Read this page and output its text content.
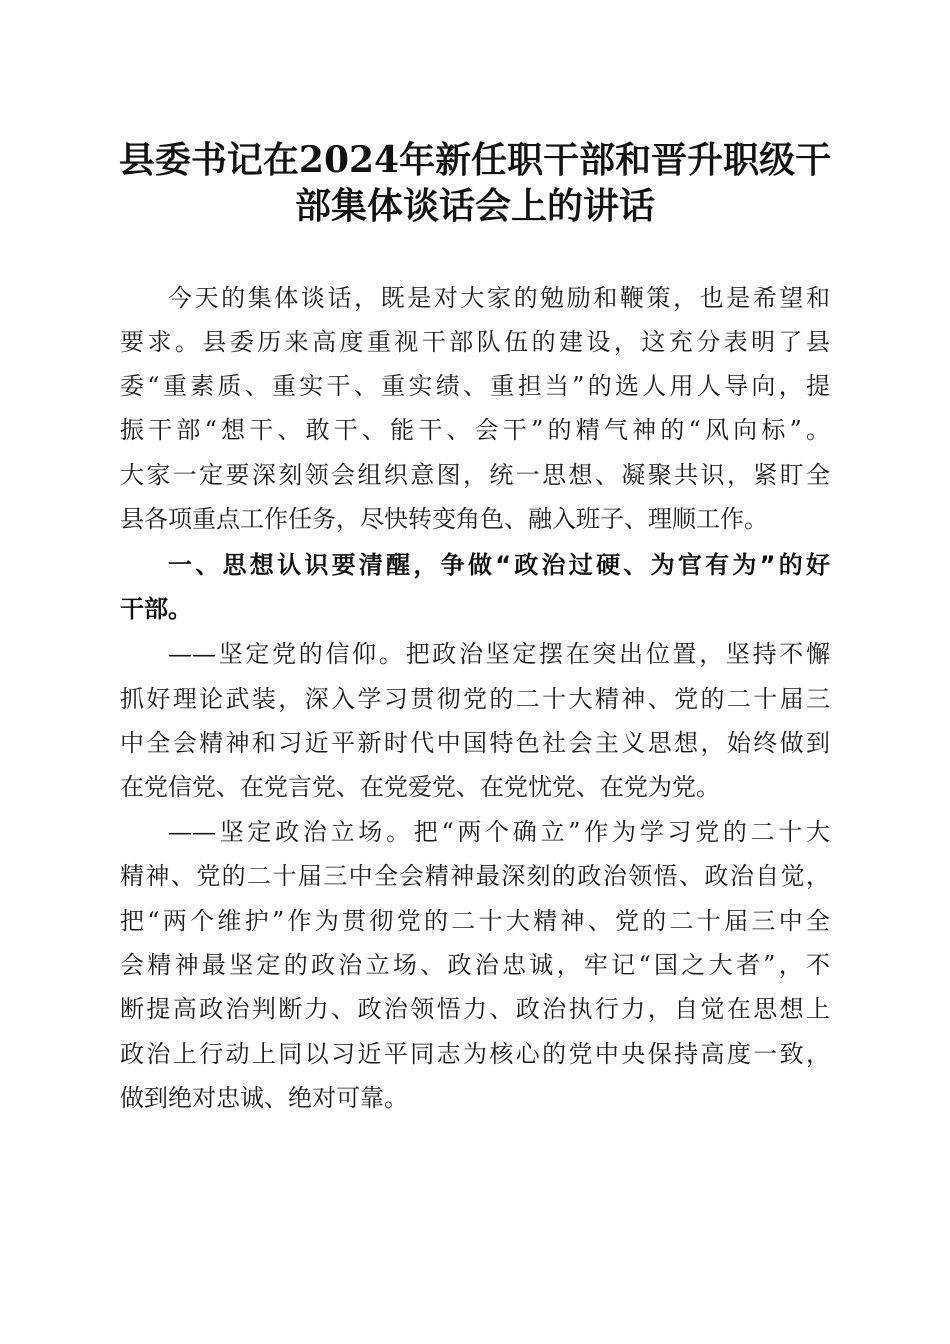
县委书记在2024年新任职干部和晋升职级干
部集体谈话会上的讲话
今天的集体谈话，既是对大家的勉励和鞭策，也是希望和
要求。县委历来高度重视干部队伍的建设，这充分表明了县
委“重素质、重实干、重实绩、重担当”的选人用人导向，提
振干部“想干、敢干、能干、会干”的精气神的“风向标”。
大家一定要深刻领会组织意图，统一思想、凝聚共识，紧盯全
县各项重点工作任务，尽快转变角色、融入班子、理顺工作。
一、思想认识要清醒，争做“政治过硬、为官有为”的好
干部。
——坚定党的信仰。把政治坚定摆在突出位置，坚持不懈
抓好理论武装，深入学习贯彻党的二十大精神、党的二十届三
中全会精神和习近平新时代中国特色社会主义思想，始终做到
在党信党、在党言党、在党爱党、在党忧党、在党为党。
——坚定政治立场。把“两个确立”作为学习党的二十大
精神、党的二十届三中全会精神最深刻的政治领悟、政治自觉，
把“两个维护”作为贯彻党的二十大精神、党的二十届三中全
会精神最坚定的政治立场、政治忠诚，牢记“国之大者”，不
断提高政治判断力、政治领悟力、政治执行力，自觉在思想上
政治上行动上同以习近平同志为核心的党中央保持高度一致，
做到绝对忠诚、绝对可靠。
